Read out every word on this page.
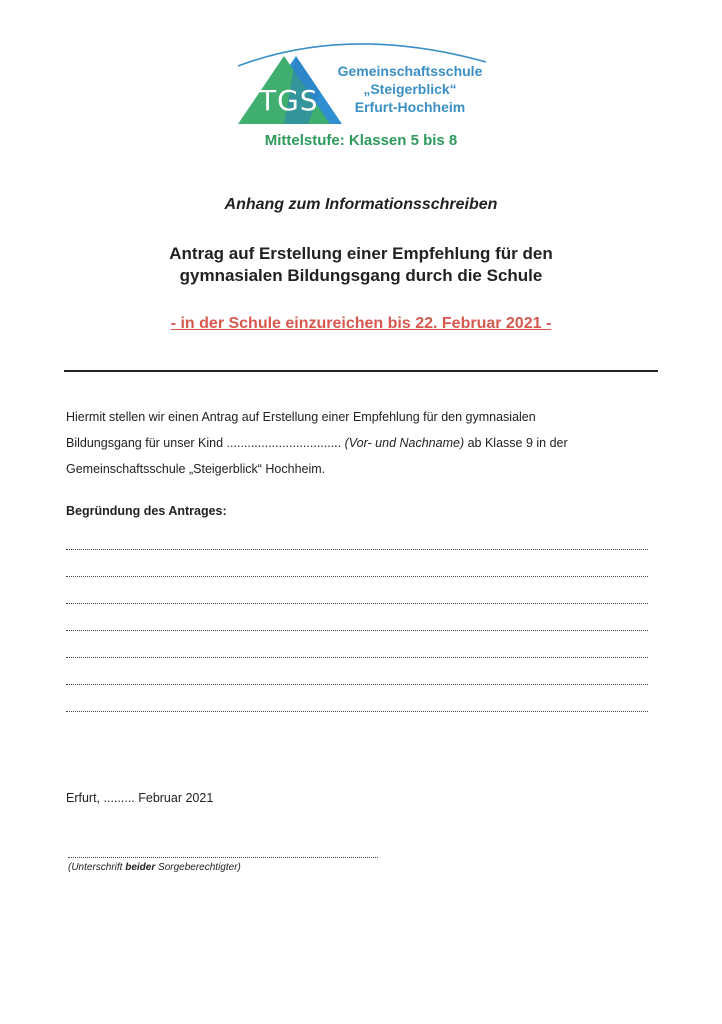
TGS
Gemeinschaftsschule
„Steigerblick“
Erfurt-Hochheim
Mittelstufe: Klassen 5 bis 8
Anhang zum Informationsschreiben
Antrag auf Erstellung einer Empfehlung für den
gymnasialen Bildungsgang durch die Schule
- in der Schule einzureichen bis 22. Februar 2021 -
Hiermit stellen wir einen Antrag auf Erstellung einer Empfehlung für den gymnasialen
Bildungsgang für unser Kind ................................. (Vor- und Nachname) ab Klasse 9 in der
Gemeinschaftsschule „Steigerblick“ Hochheim.
Begründung des Antrages:
Erfurt, ......... Februar 2021
(Unterschrift beider Sorgeberechtigter)
